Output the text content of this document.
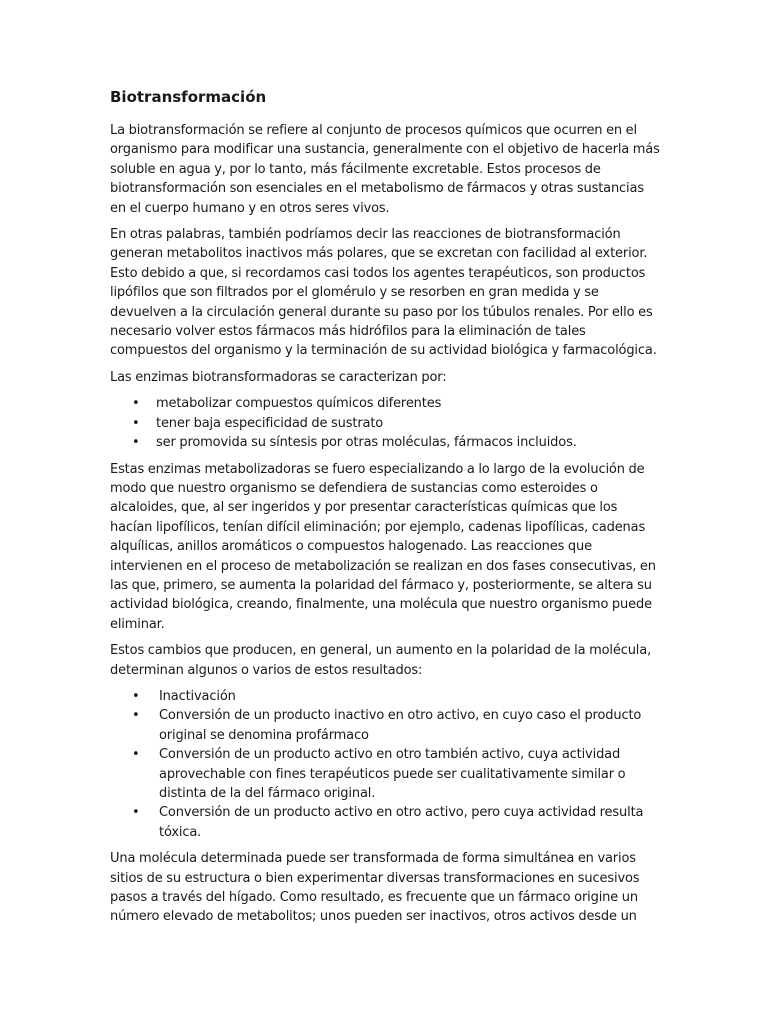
Biotransformación

La biotransformación se refiere al conjunto de procesos químicos que ocurren en el organismo para modificar una sustancia, generalmente con el objetivo de hacerla más soluble en agua y, por lo tanto, más fácilmente excretable. Estos procesos de biotransformación son esenciales en el metabolismo de fármacos y otras sustancias en el cuerpo humano y en otros seres vivos.

En otras palabras, también podríamos decir las reacciones de biotransformación generan metabolitos inactivos más polares, que se excretan con facilidad al exterior. Esto debido a que, si recordamos casi todos los agentes terapéuticos, son productos lipófilos que son filtrados por el glomérulo y se resorben en gran medida y se devuelven a la circulación general durante su paso por los túbulos renales. Por ello es necesario volver estos fármacos más hidrófilos para la eliminación de tales compuestos del organismo y la terminación de su actividad biológica y farmacológica.

Las enzimas biotransformadoras se caracterizan por:

• metabolizar compuestos químicos diferentes
• tener baja especificidad de sustrato
• ser promovida su síntesis por otras moléculas, fármacos incluidos.

Estas enzimas metabolizadoras se fuero especializando a lo largo de la evolución de modo que nuestro organismo se defendiera de sustancias como esteroides o alcaloides, que, al ser ingeridos y por presentar características químicas que los hacían lipofílicos, tenían difícil eliminación; por ejemplo, cadenas lipofílicas, cadenas alquílicas, anillos aromáticos o compuestos halogenado. Las reacciones que intervienen en el proceso de metabolización se realizan en dos fases consecutivas, en las que, primero, se aumenta la polaridad del fármaco y, posteriormente, se altera su actividad biológica, creando, finalmente, una molécula que nuestro organismo puede eliminar.

Estos cambios que producen, en general, un aumento en la polaridad de la molécula, determinan algunos o varios de estos resultados:

• Inactivación
• Conversión de un producto inactivo en otro activo, en cuyo caso el producto original se denomina profármaco
• Conversión de un producto activo en otro también activo, cuya actividad aprovechable con fines terapéuticos puede ser cualitativamente similar o distinta de la del fármaco original.
• Conversión de un producto activo en otro activo, pero cuya actividad resulta tóxica.

Una molécula determinada puede ser transformada de forma simultánea en varios sitios de su estructura o bien experimentar diversas transformaciones en sucesivos pasos a través del hígado. Como resultado, es frecuente que un fármaco origine un número elevado de metabolitos; unos pueden ser inactivos, otros activos desde un
